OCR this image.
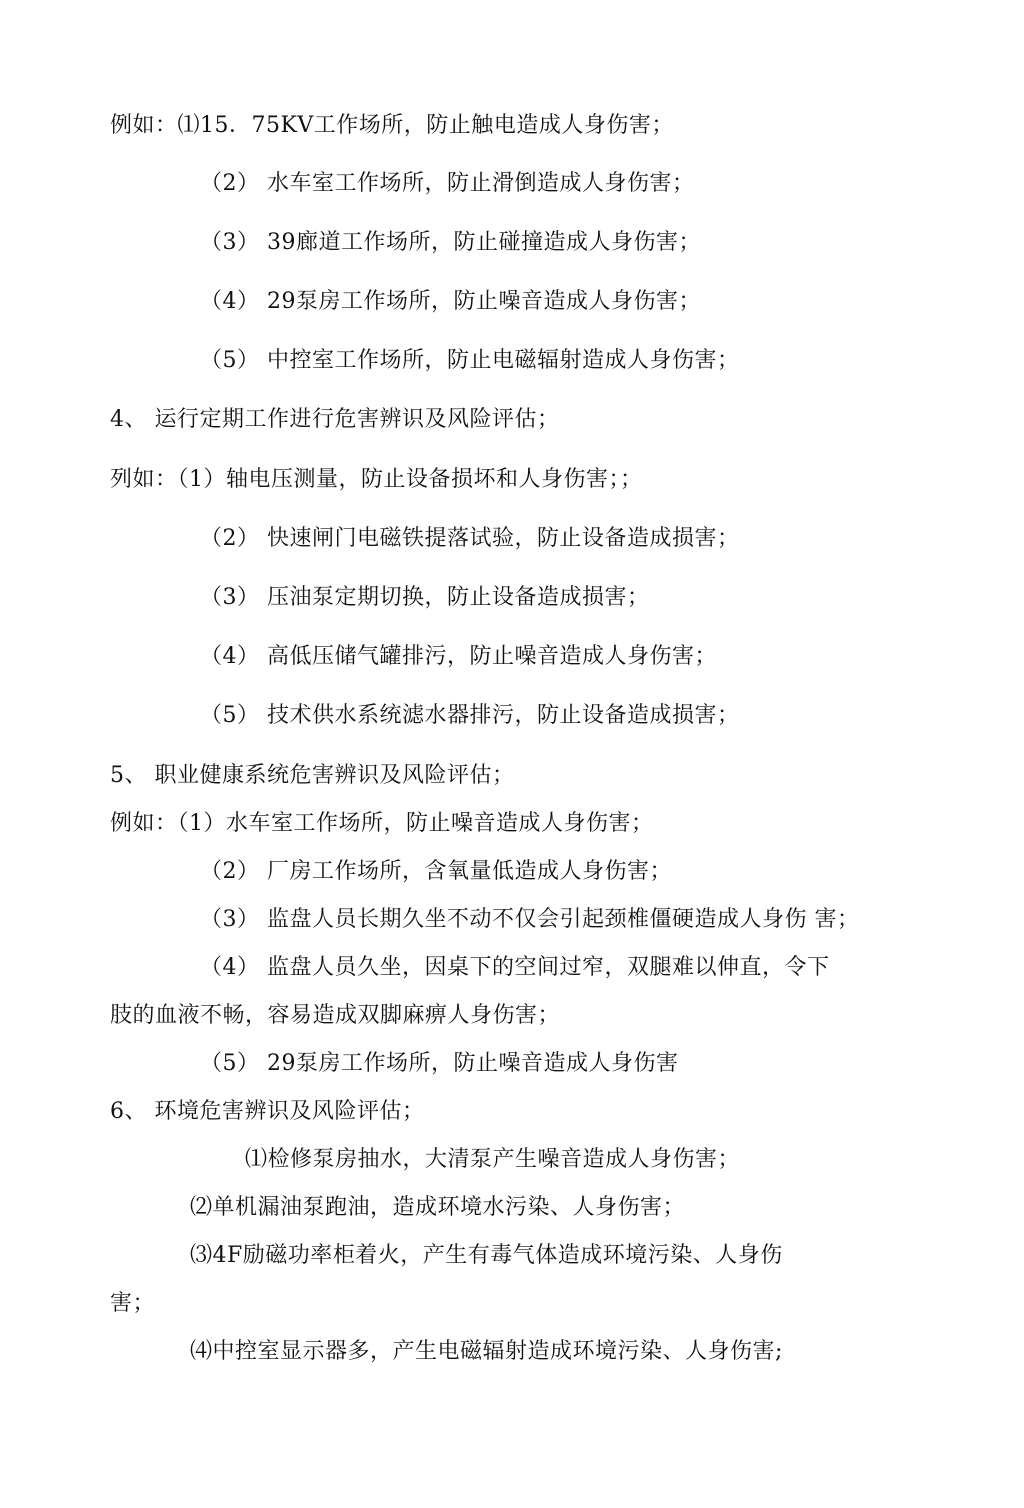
例如：⑴15．75KV工作场所，防止触电造成人身伤害；
（2） 水车室工作场所，防止滑倒造成人身伤害；
（3） 39廊道工作场所，防止碰撞造成人身伤害；
（4） 29泵房工作场所，防止噪音造成人身伤害；
（5） 中控室工作场所，防止电磁辐射造成人身伤害；
4、 运行定期工作进行危害辨识及风险评估；
列如：（1）轴电压测量，防止设备损坏和人身伤害；；
（2） 快速闸门电磁铁提落试验，防止设备造成损害；
（3） 压油泵定期切换，防止设备造成损害；
（4） 高低压储气罐排污，防止噪音造成人身伤害；
（5） 技术供水系统滤水器排污，防止设备造成损害；
5、 职业健康系统危害辨识及风险评估；
例如：（1）水车室工作场所，防止噪音造成人身伤害；
（2） 厂房工作场所，含氧量低造成人身伤害；
（3） 监盘人员长期久坐不动不仅会引起颈椎僵硬造成人身伤 害；
（4） 监盘人员久坐，因桌下的空间过窄，双腿难以伸直，令下
肢的血液不畅，容易造成双脚麻痹人身伤害；
（5） 29泵房工作场所，防止噪音造成人身伤害
6、 环境危害辨识及风险评估；
⑴检修泵房抽水，大清泵产生噪音造成人身伤害；
⑵单机漏油泵跑油，造成环境水污染、人身伤害；
⑶4F励磁功率柜着火，产生有毒气体造成环境污染、人身伤
害；
⑷中控室显示器多，产生电磁辐射造成环境污染、人身伤害;
